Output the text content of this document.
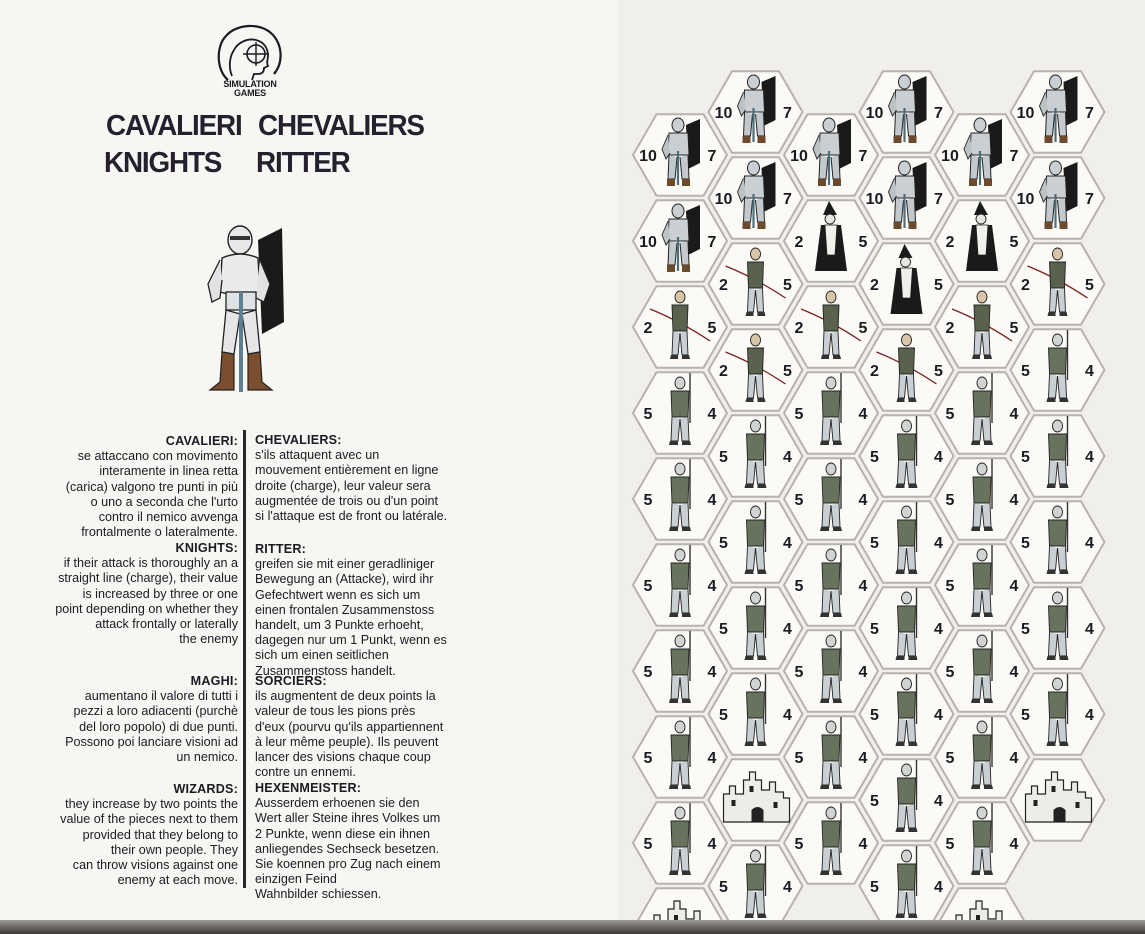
SIMULATION
GAMES
CAVALIERI CHEVALIERS
KNIGHTS RITTER
CAVALIERI:
se attaccano con movimento
interamente in linea retta
(carica) valgono tre punti in più
o uno a seconda che l'urto
contro il nemico avvenga
frontalmente o lateralmente.
KNIGHTS:
if their attack is thoroughly an a
straight line (charge), their value
is increased by three or one
point depending on whether they
attack frontally or laterally
the enemy
MAGHI:
aumentano il valore di tutti i
pezzi a loro adiacenti (purchè
del loro popolo) di due punti.
Possono poi lanciare visioni ad
un nemico.
WIZARDS:
they increase by two points the
value of the pieces next to them
provided that they belong to
their own people. They
can throw visions against one
enemy at each move.
CHEVALIERS:
s'ils attaquent avec un
mouvement entièrement en ligne
droite (charge), leur valeur sera
augmentée de trois ou d'un point
si l'attaque est de front ou latérale.
RITTER:
greifen sie mit einer geradliniger
Bewegung an (Attacke), wird ihr
Gefechtwert wenn es sich um
einen frontalen Zusammenstoss
handelt, um 3 Punkte erhoeht,
dagegen nur um 1 Punkt, wenn es
sich um einen seitlichen
Zusammenstoss handelt.
SORCIERS:
ils augmentent de deux points la
valeur de tous les pions près
d'eux (pourvu qu'ils appartiennent
à leur même peuple). Ils peuvent
lancer des visions chaque coup
contre un ennemi.
HEXENMEISTER:
Ausserdem erhoenen sie den
Wert aller Steine ihres Volkes um
2 Punkte, wenn diese ein ihnen
anliegendes Sechseck besetzen.
Sie koennen pro Zug nach einem
einzigen Feind
Wahnbilder schiessen.
10	7
10	7
10	7
10	7
10	7
10	7
10	7
10	7
2	5
10	7
2	5
10	7
2	5
2	5
2	5
2	5
2	5
2	5
5	4
2	5
5	4
2	5
5	4
5	4
5	4
5	4
5	4
5	4
5	4
5	4
5	4
5	4
5	4
5	4
5	4
5	4
5	4
5	4
5	4
5	4
5	4
5	4
5	4
5	4
5	4
5	4
5	4
5	4
5	4	5	4
5	4
5	4
5	4	5	4
